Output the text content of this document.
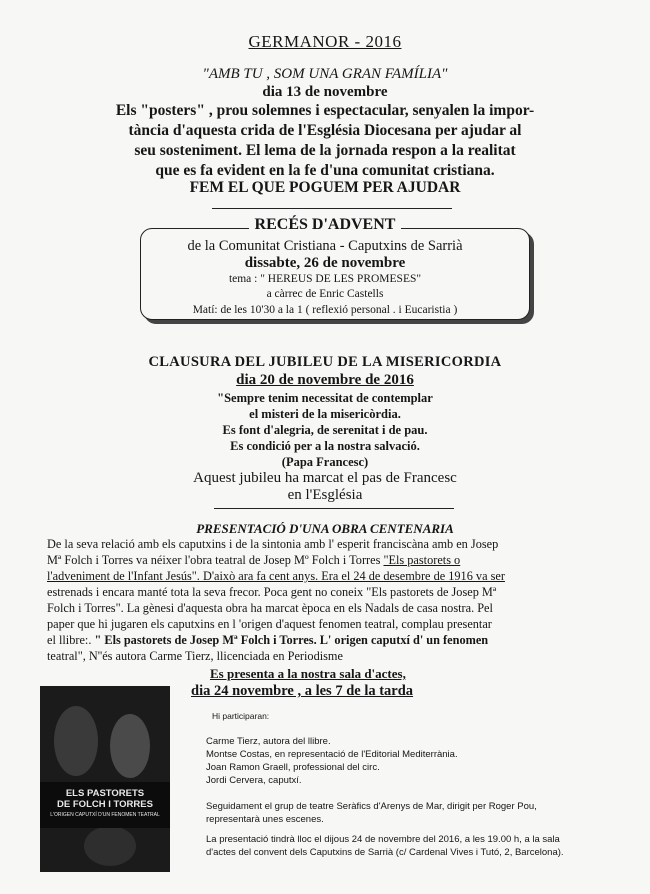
GERMANOR - 2016
"AMB TU , SOM UNA GRAN FAMÍLIA"
dia 13 de novembre
Els "posters" , prou solemnes i espectacular, senyalen la impor-
tància d'aquesta crida de l'Església Diocesana per ajudar al
seu sosteniment. El lema de la jornada respon a la realitat
que es fa evident en la fe d'una comunitat cristiana.
FEM EL QUE POGUEM PER AJUDAR
RECÉS D'ADVENT
de la Comunitat Cristiana - Caputxins de Sarrià
dissabte, 26 de novembre
tema : " HEREUS DE LES PROMESES"
a càrrec de Enric Castells
Matí: de les 10'30 a la 1 ( reflexió personal . i Eucaristia )
CLAUSURA DEL JUBILEU DE LA MISERICORDIA
dia 20 de novembre de 2016
"Sempre tenim necessitat de contemplar
el misteri de la misericòrdia.
Es font d'alegria, de serenitat i de pau.
Es condició per a la nostra salvació.
(Papa Francesc)
Aquest jubileu ha marcat el pas de Francesc
en l'Església
PRESENTACIÓ D'UNA OBRA CENTENARIA
De la seva relació amb els caputxins i de la sintonia amb l' esperit franciscàna amb en Josep
Mª Folch i Torres va néixer l'obra teatral de Josep Mº Folch i Torres "Els pastorets o
l'adveniment de l'Infant Jesús". D'això ara fa cent anys. Era el 24 de desembre de 1916 va ser
estrenads i encara manté tota la seva frecor. Poca gent no coneix "Els pastorets de Josep Mª
Folch i Torres". La gènesi d'aquesta obra ha marcat època en els Nadals de casa nostra. Pel
paper que hi jugaren els caputxins en l 'origen d'aquest fenomen teatral, complau presentar
el llibre:. " Els pastorets de Josep Mª Folch i Torres. L' origen caputxí d' un fenomen
teatral", N''és autora Carme Tierz, llicenciada en Periodisme
ELS PASTORETS
DE FOLCH I TORRES
L'ORIGEN CAPUTXÍ D'UN FENOMEN TEATRAL
Es presenta a la nostra sala d'actes,
dia 24 novembre , a les 7 de la tarda
Hi participaran:
Carme Tierz, autora del llibre.
Montse Costas, en representació de l'Editorial Mediterrània.
Joan Ramon Graell, professional del circ.
Jordi Cervera, caputxí.
Seguidament el grup de teatre Seràfics d'Arenys de Mar, dirigit per Roger Pou,
representarà unes escenes.
La presentació tindrà lloc el dijous 24 de novembre del 2016, a les 19.00 h, a la sala
d'actes del convent dels Caputxins de Sarrià (c/ Cardenal Vives i Tutó, 2, Barcelona).
